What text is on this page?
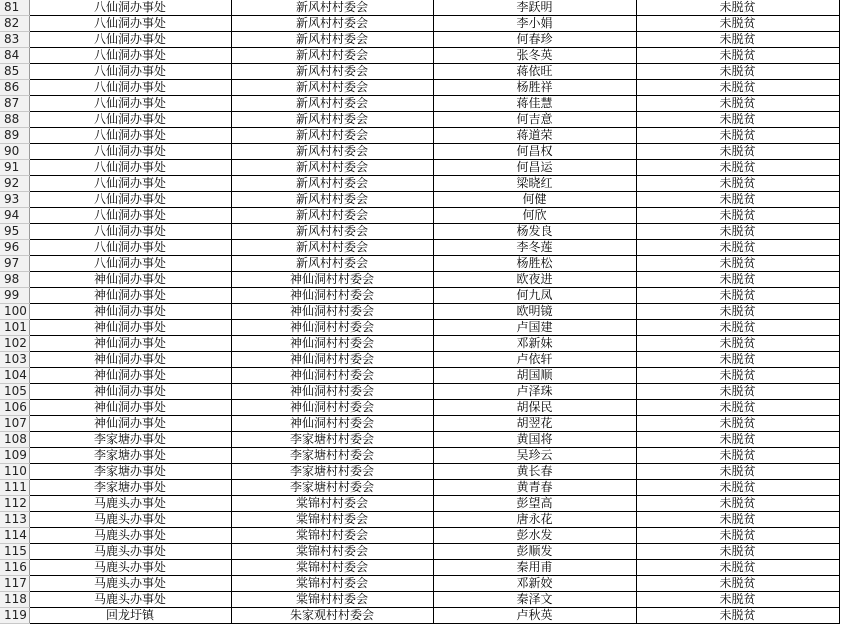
81	八仙洞办事处	新风村村委会	李跃明	未脱贫
82	八仙洞办事处	新风村村委会	李小娟	未脱贫
83	八仙洞办事处	新风村村委会	何春珍	未脱贫
84	八仙洞办事处	新风村村委会	张冬英	未脱贫
85	八仙洞办事处	新风村村委会	蒋依旺	未脱贫
86	八仙洞办事处	新风村村委会	杨胜祥	未脱贫
87	八仙洞办事处	新风村村委会	蒋佳慧	未脱贫
88	八仙洞办事处	新风村村委会	何吉意	未脱贫
89	八仙洞办事处	新风村村委会	蒋道荣	未脱贫
90	八仙洞办事处	新风村村委会	何昌权	未脱贫
91	八仙洞办事处	新风村村委会	何昌运	未脱贫
92	八仙洞办事处	新风村村委会	梁晓红	未脱贫
93	八仙洞办事处	新风村村委会	何健	未脱贫
94	八仙洞办事处	新风村村委会	何欣	未脱贫
95	八仙洞办事处	新风村村委会	杨发良	未脱贫
96	八仙洞办事处	新风村村委会	李冬莲	未脱贫
97	八仙洞办事处	新风村村委会	杨胜松	未脱贫
98	神仙洞办事处	神仙洞村村委会	欧夜进	未脱贫
99	神仙洞办事处	神仙洞村村委会	何九凤	未脱贫
100	神仙洞办事处	神仙洞村村委会	欧明镜	未脱贫
101	神仙洞办事处	神仙洞村村委会	卢国建	未脱贫
102	神仙洞办事处	神仙洞村村委会	邓新妹	未脱贫
103	神仙洞办事处	神仙洞村村委会	卢依轩	未脱贫
104	神仙洞办事处	神仙洞村村委会	胡国顺	未脱贫
105	神仙洞办事处	神仙洞村村委会	卢泽珠	未脱贫
106	神仙洞办事处	神仙洞村村委会	胡保民	未脱贫
107	神仙洞办事处	神仙洞村村委会	胡翌花	未脱贫
108	李家塘办事处	李家塘村村委会	黄国将	未脱贫
109	李家塘办事处	李家塘村村委会	吴珍云	未脱贫
110	李家塘办事处	李家塘村村委会	黄长春	未脱贫
111	李家塘办事处	李家塘村村委会	黄青春	未脱贫
112	马鹿头办事处	棠锦村村委会	彭望高	未脱贫
113	马鹿头办事处	棠锦村村委会	唐永花	未脱贫
114	马鹿头办事处	棠锦村村委会	彭水发	未脱贫
115	马鹿头办事处	棠锦村村委会	彭顺发	未脱贫
116	马鹿头办事处	棠锦村村委会	秦用甫	未脱贫
117	马鹿头办事处	棠锦村村委会	邓新姣	未脱贫
118	马鹿头办事处	棠锦村村委会	秦泽文	未脱贫
119	回龙圩镇	朱家观村村委会	卢秋英	未脱贫
